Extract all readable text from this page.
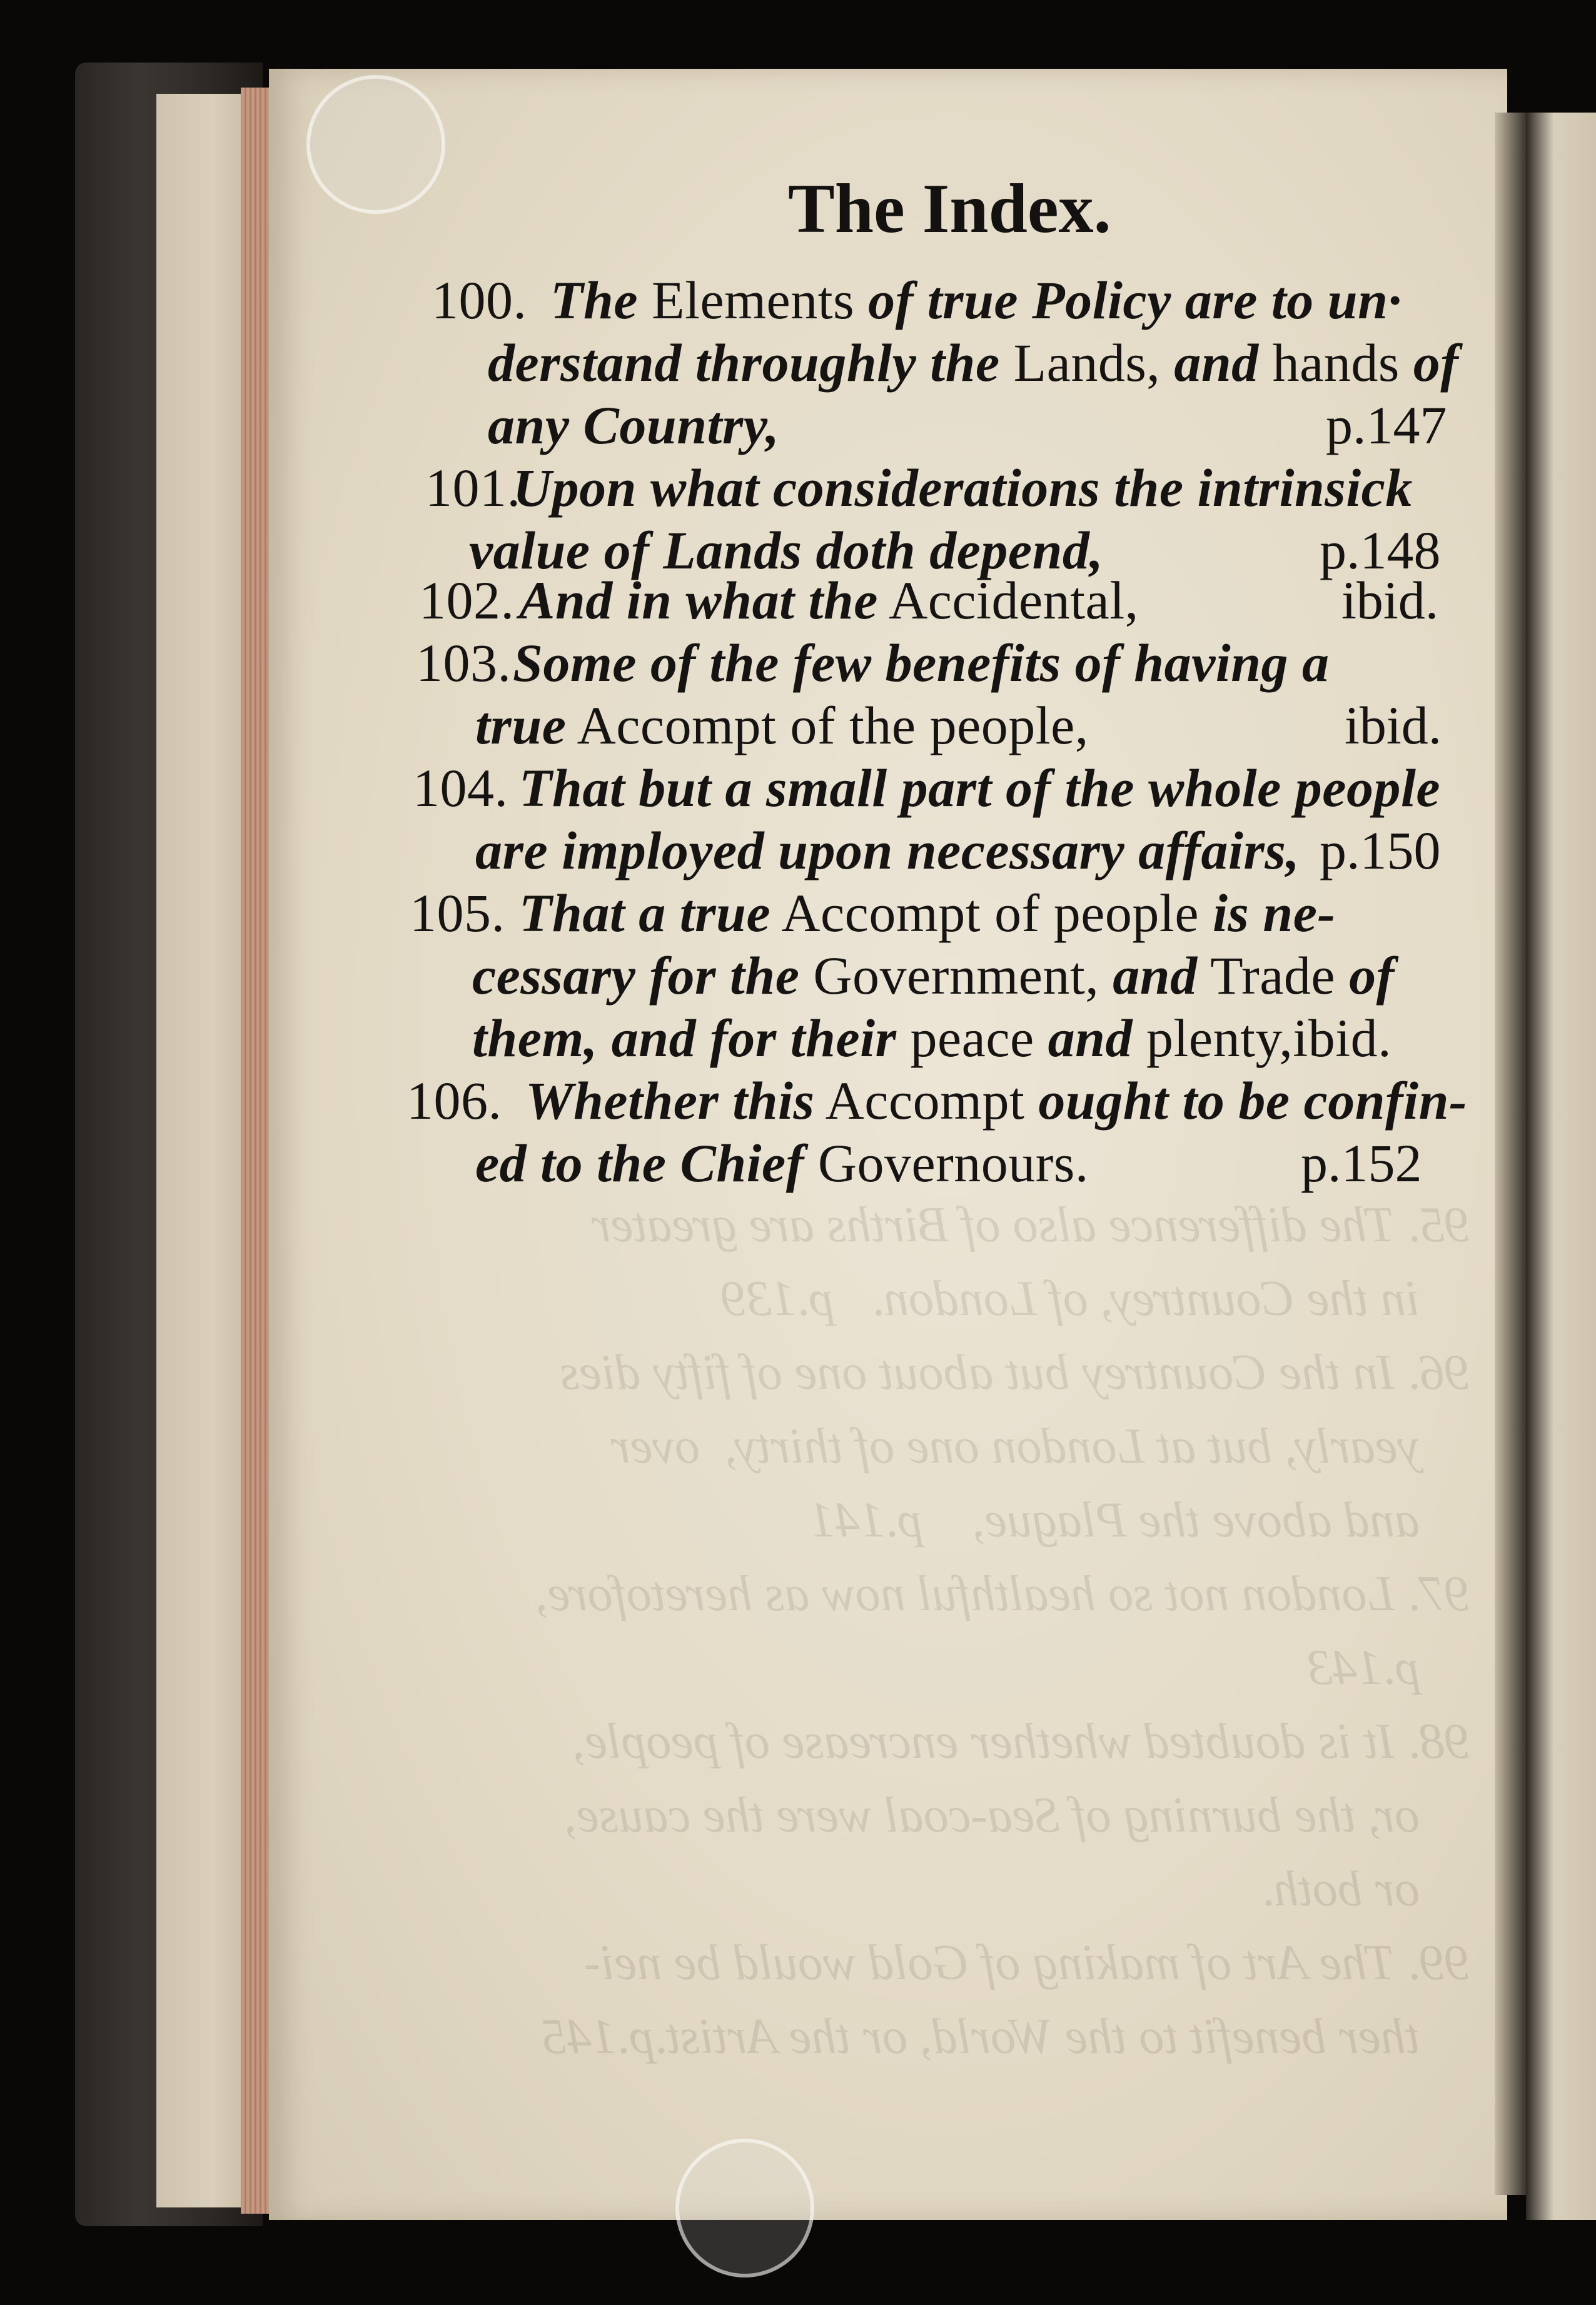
95. The difference also of Births are greater
in the Countrey, of London.   p.139
96. In the Countrey but about one of fifty dies
yearly, but at London one of thirty,  over
and above the Plague,    p.141
97. London not so healthful now as heretofore,
p.143
98. It is doubted whether encrease of people,
or, the burning of Sea-coal were the cause,
or both.
99. The Art of making of Gold would be nei-
ther benefit to the World, or the Artist.p.145
The Index.
100. The Elements of true Policy are to un·
derstand throughly the Lands, and hands of
any Country,	p.147
101.
Upon what considerations the intrinsick
value of Lands doth depend,	p.148
102. And in what the Accidental,	ibid.
103. Some of the few benefits of having a
true Accompt of the people,	ibid.
104. That but a small part of the whole people
are imployed upon necessary affairs, p.150
105. That a true Accompt of people is ne-
cessary for the Government, and Trade of
them, and for their peace and plenty,ibid.
106. Whether this Accompt ought to be confin-
ed to the Chief Governours.	p.152
